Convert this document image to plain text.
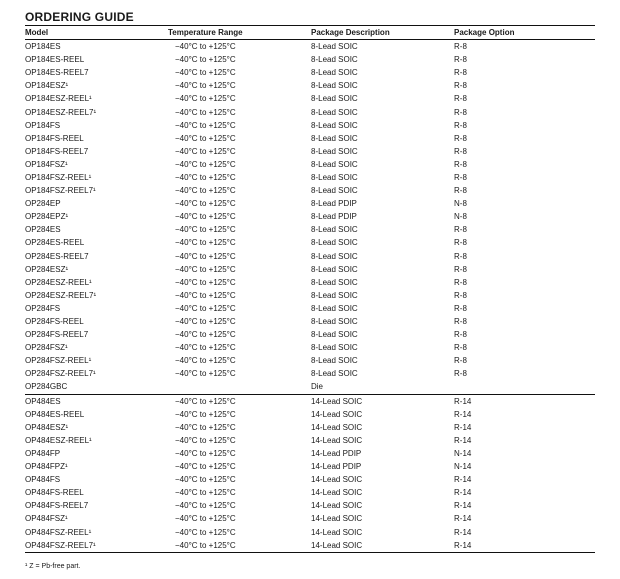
ORDERING GUIDE
Model	Temperature Range	Package Description	Package Option
OP184ES	−40°C to +125°C	8-Lead SOIC	R-8
OP184ES-REEL	−40°C to +125°C	8-Lead SOIC	R-8
OP184ES-REEL7	−40°C to +125°C	8-Lead SOIC	R-8
OP184ESZ¹	−40°C to +125°C	8-Lead SOIC	R-8
OP184ESZ-REEL¹	−40°C to +125°C	8-Lead SOIC	R-8
OP184ESZ-REEL7¹	−40°C to +125°C	8-Lead SOIC	R-8
OP184FS	−40°C to +125°C	8-Lead SOIC	R-8
OP184FS-REEL	−40°C to +125°C	8-Lead SOIC	R-8
OP184FS-REEL7	−40°C to +125°C	8-Lead SOIC	R-8
OP184FSZ¹	−40°C to +125°C	8-Lead SOIC	R-8
OP184FSZ-REEL¹	−40°C to +125°C	8-Lead SOIC	R-8
OP184FSZ-REEL7¹	−40°C to +125°C	8-Lead SOIC	R-8
OP284EP	−40°C to +125°C	8-Lead PDIP	N-8
OP284EPZ¹	−40°C to +125°C	8-Lead PDIP	N-8
OP284ES	−40°C to +125°C	8-Lead SOIC	R-8
OP284ES-REEL	−40°C to +125°C	8-Lead SOIC	R-8
OP284ES-REEL7	−40°C to +125°C	8-Lead SOIC	R-8
OP284ESZ¹	−40°C to +125°C	8-Lead SOIC	R-8
OP284ESZ-REEL¹	−40°C to +125°C	8-Lead SOIC	R-8
OP284ESZ-REEL7¹	−40°C to +125°C	8-Lead SOIC	R-8
OP284FS	−40°C to +125°C	8-Lead SOIC	R-8
OP284FS-REEL	−40°C to +125°C	8-Lead SOIC	R-8
OP284FS-REEL7	−40°C to +125°C	8-Lead SOIC	R-8
OP284FSZ¹	−40°C to +125°C	8-Lead SOIC	R-8
OP284FSZ-REEL¹	−40°C to +125°C	8-Lead SOIC	R-8
OP284FSZ-REEL7¹	−40°C to +125°C	8-Lead SOIC	R-8
OP284GBC		Die	
OP484ES	−40°C to +125°C	14-Lead SOIC	R-14
OP484ES-REEL	−40°C to +125°C	14-Lead SOIC	R-14
OP484ESZ¹	−40°C to +125°C	14-Lead SOIC	R-14
OP484ESZ-REEL¹	−40°C to +125°C	14-Lead SOIC	R-14
OP484FP	−40°C to +125°C	14-Lead PDIP	N-14
OP484FPZ¹	−40°C to +125°C	14-Lead PDIP	N-14
OP484FS	−40°C to +125°C	14-Lead SOIC	R-14
OP484FS-REEL	−40°C to +125°C	14-Lead SOIC	R-14
OP484FS-REEL7	−40°C to +125°C	14-Lead SOIC	R-14
OP484FSZ¹	−40°C to +125°C	14-Lead SOIC	R-14
OP484FSZ-REEL¹	−40°C to +125°C	14-Lead SOIC	R-14
OP484FSZ-REEL7¹	−40°C to +125°C	14-Lead SOIC	R-14

¹ Z = Pb-free part.
